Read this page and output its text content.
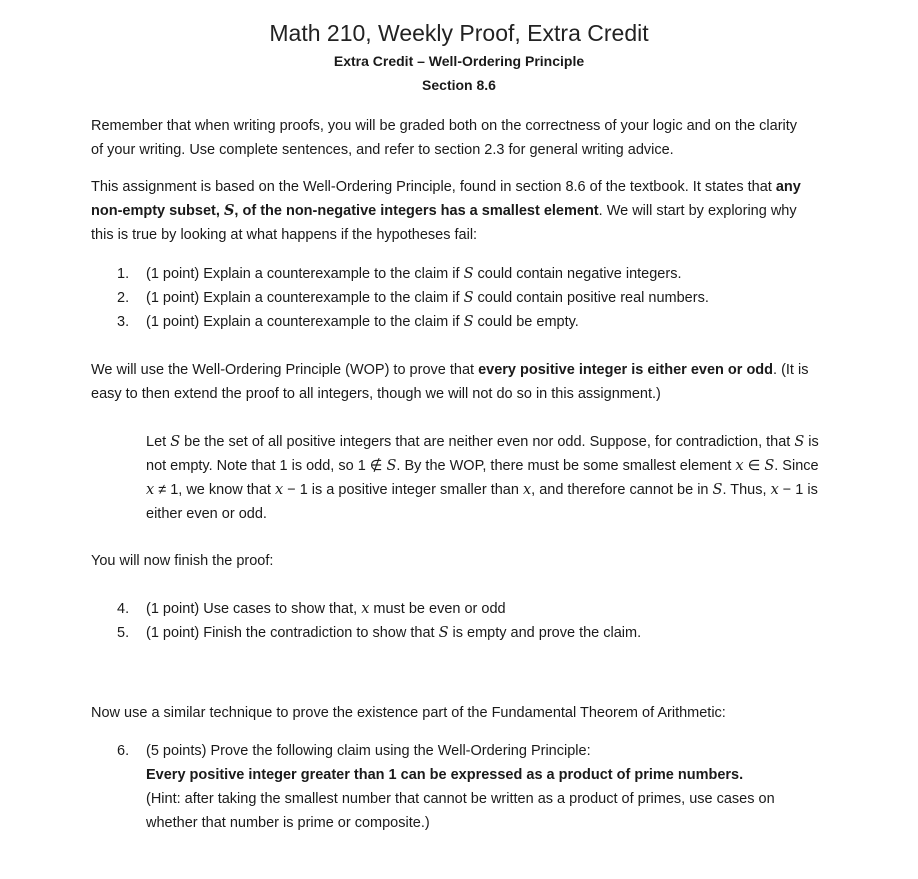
Math 210, Weekly Proof, Extra Credit
Extra Credit – Well-Ordering Principle
Section 8.6

Remember that when writing proofs, you will be graded both on the correctness of your logic and on the clarity of your writing. Use complete sentences, and refer to section 2.3 for general writing advice.

This assignment is based on the Well-Ordering Principle, found in section 8.6 of the textbook. It states that any non-empty subset, S, of the non-negative integers has a smallest element. We will start by exploring why this is true by looking at what happens if the hypotheses fail:

1.	(1 point) Explain a counterexample to the claim if S could contain negative integers.
2.	(1 point) Explain a counterexample to the claim if S could contain positive real numbers.
3.	(1 point) Explain a counterexample to the claim if S could be empty.

We will use the Well-Ordering Principle (WOP) to prove that every positive integer is either even or odd. (It is easy to then extend the proof to all integers, though we will not do so in this assignment.)

Let S be the set of all positive integers that are neither even nor odd. Suppose, for contradiction, that S is not empty. Note that 1 is odd, so 1 ∉ S. By the WOP, there must be some smallest element x ∈ S. Since x ≠ 1, we know that x − 1 is a positive integer smaller than x, and therefore cannot be in S. Thus, x − 1 is either even or odd.

You will now finish the proof:

4.	(1 point) Use cases to show that, x must be even or odd
5.	(1 point) Finish the contradiction to show that S is empty and prove the claim.

Now use a similar technique to prove the existence part of the Fundamental Theorem of Arithmetic:

6.	(5 points) Prove the following claim using the Well-Ordering Principle:
Every positive integer greater than 1 can be expressed as a product of prime numbers.
(Hint: after taking the smallest number that cannot be written as a product of primes, use cases on whether that number is prime or composite.)
